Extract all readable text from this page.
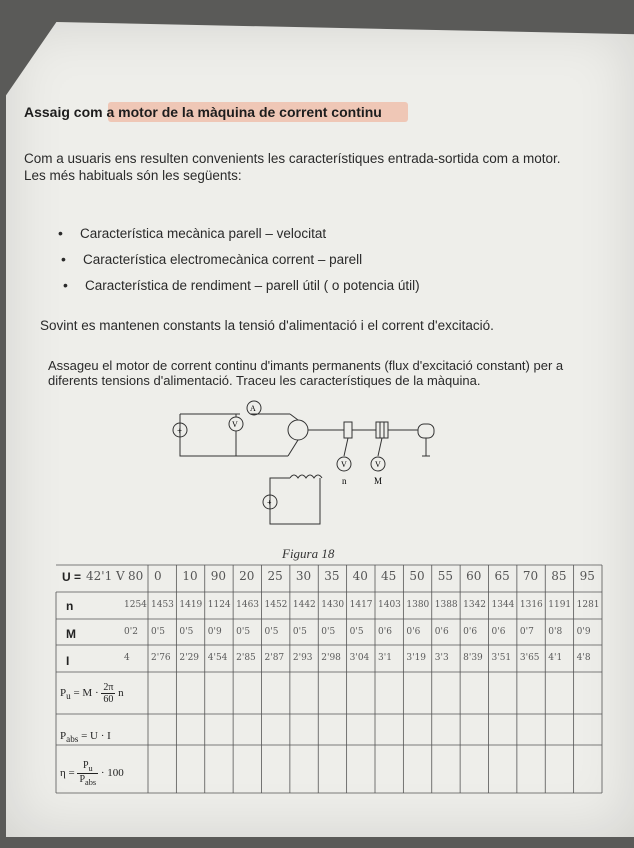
Assaig com a motor de la màquina de corrent continu
Com a usuaris ens resulten convenients les característiques entrada-sortida com a motor.
Les més habituals són les següents:
• Característica mecànica parell – velocitat
• Característica electromecànica corrent – parell
• Característica de rendiment – parell útil ( o potencia útil)
Sovint es mantenen constants la tensió d'alimentació i el corrent d'excitació.
Assageu el motor de corrent continu d'imants permanents (flux d'excitació constant) per a
diferents tensions d'alimentació. Traceu les característiques de la màquina.
+
V
A
V	V
n	M
+
Figura 18
U =
n
M
I
$P_u = M \cdot \frac{2\pi}{60}$ n
$P_{abs} = U \cdot I$
$\eta = \frac{P_u}{P_{abs}} \cdot 100$
42'1 V 80 0 10 90 20 25 30 35 40 45 50 55 60 65 70 85 95
1254 1453 1419 1124 1463 1452 1442 1430 1417 1403 1380 1388 1342 1344 1316 1191 1281
0'2 0'5 0'5 0'9 0'5 0'5 0'5 0'5 0'5 0'6 0'6 0'6 0'6 0'6 0'7 0'8 0'9
4 2'76 2'29 4'54 2'85 2'87 2'93 2'98 3'04 3'1 3'19 3'3 8'39 3'51 3'65 4'1 4'8
